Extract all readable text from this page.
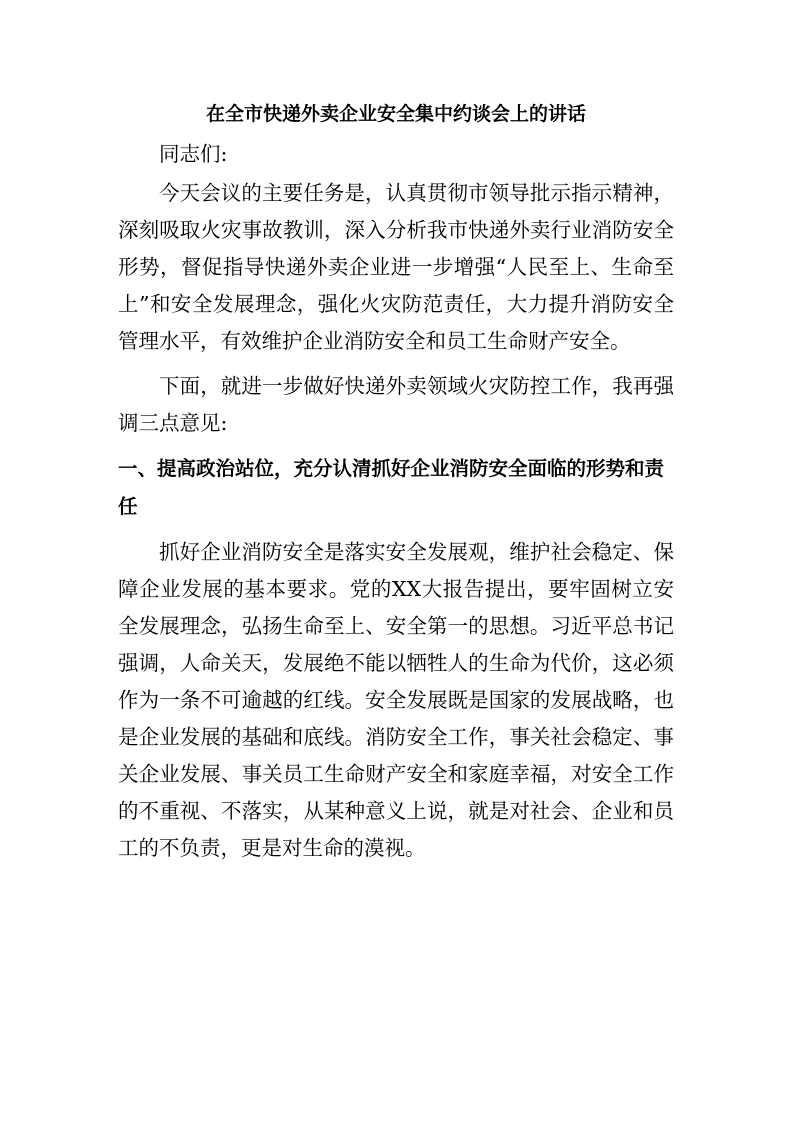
在全市快递外卖企业安全集中约谈会上的讲话

同志们:

今天会议的主要任务是，认真贯彻市领导批示指示精神，深刻吸取火灾事故教训，深入分析我市快递外卖行业消防安全形势，督促指导快递外卖企业进一步增强“人民至上、生命至上”和安全发展理念，强化火灾防范责任，大力提升消防安全管理水平，有效维护企业消防安全和员工生命财产安全。

下面，就进一步做好快递外卖领域火灾防控工作，我再强调三点意见:

一、提高政治站位，充分认清抓好企业消防安全面临的形势和责任

抓好企业消防安全是落实安全发展观，维护社会稳定、保障企业发展的基本要求。党的XX大报告提出，要牢固树立安全发展理念，弘扬生命至上、安全第一的思想。习近平总书记强调，人命关天，发展绝不能以牺牲人的生命为代价，这必须作为一条不可逾越的红线。安全发展既是国家的发展战略，也是企业发展的基础和底线。消防安全工作，事关社会稳定、事关企业发展、事关员工生命财产安全和家庭幸福，对安全工作的不重视、不落实，从某种意义上说，就是对社会、企业和员工的不负责，更是对生命的漠视。
